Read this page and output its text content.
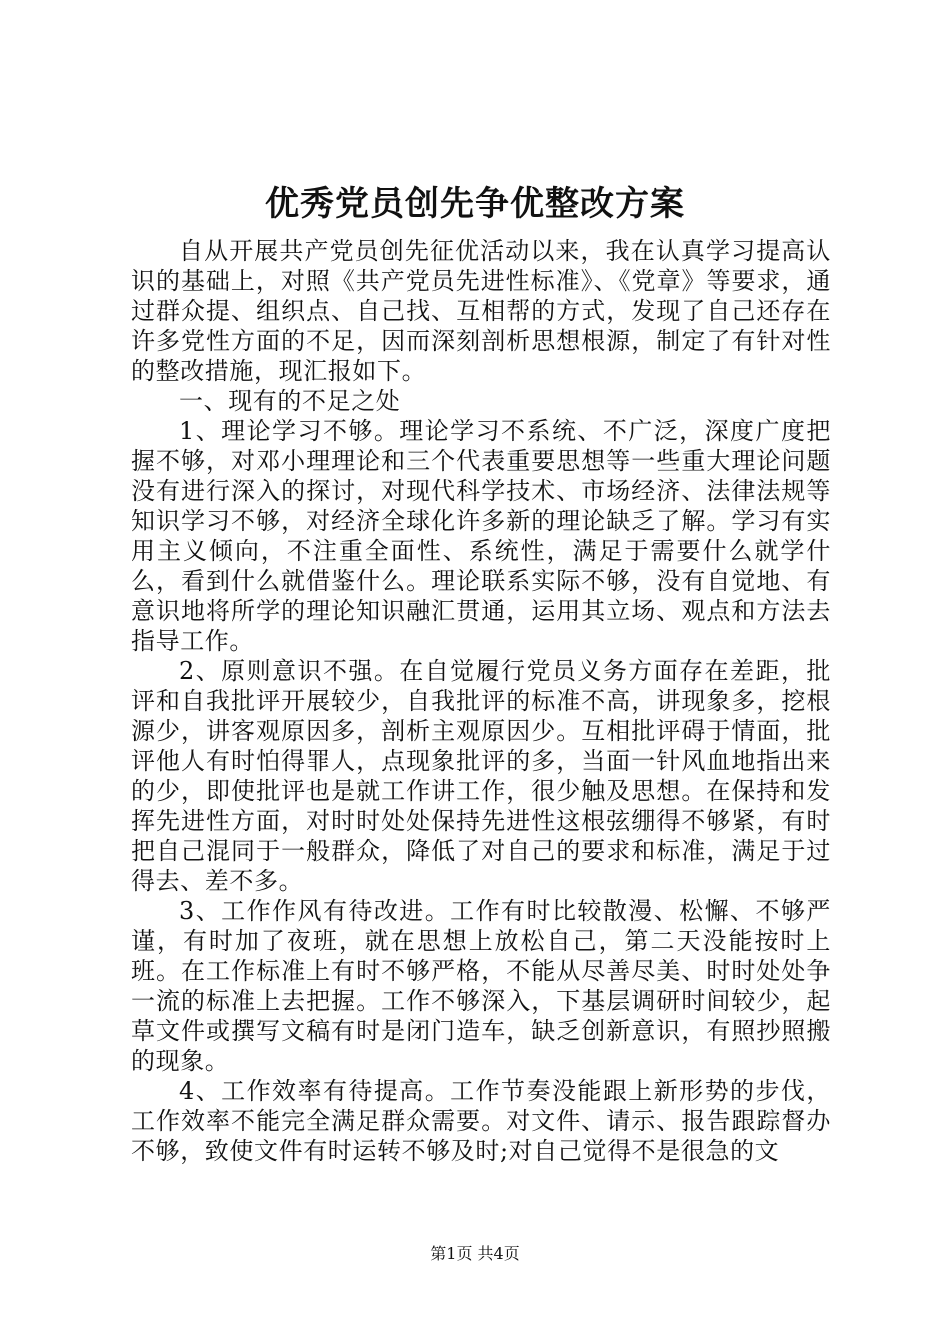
优秀党员创先争优整改方案

自从开展共产党员创先征优活动以来，我在认真学习提高认识的基础上，对照《共产党员先进性标准》、《党章》等要求，通过群众提、组织点、自己找、互相帮的方式，发现了自己还存在许多党性方面的不足，因而深刻剖析思想根源，制定了有针对性的整改措施，现汇报如下。

一、现有的不足之处

1、理论学习不够。理论学习不系统、不广泛，深度广度把握不够，对邓小理理论和三个代表重要思想等一些重大理论问题没有进行深入的探讨，对现代科学技术、市场经济、法律法规等知识学习不够，对经济全球化许多新的理论缺乏了解。学习有实用主义倾向，不注重全面性、系统性，满足于需要什么就学什么，看到什么就借鉴什么。理论联系实际不够，没有自觉地、有意识地将所学的理论知识融汇贯通，运用其立场、观点和方法去指导工作。

2、原则意识不强。在自觉履行党员义务方面存在差距，批评和自我批评开展较少，自我批评的标准不高，讲现象多，挖根源少，讲客观原因多，剖析主观原因少。互相批评碍于情面，批评他人有时怕得罪人，点现象批评的多，当面一针风血地指出来的少，即使批评也是就工作讲工作，很少触及思想。在保持和发挥先进性方面，对时时处处保持先进性这根弦绷得不够紧，有时把自己混同于一般群众，降低了对自己的要求和标准，满足于过得去、差不多。

3、工作作风有待改进。工作有时比较散漫、松懈、不够严谨，有时加了夜班，就在思想上放松自己，第二天没能按时上班。在工作标准上有时不够严格，不能从尽善尽美、时时处处争一流的标准上去把握。工作不够深入，下基层调研时间较少，起草文件或撰写文稿有时是闭门造车，缺乏创新意识，有照抄照搬的现象。

4、工作效率有待提高。工作节奏没能跟上新形势的步伐，工作效率不能完全满足群众需要。对文件、请示、报告跟踪督办不够，致使文件有时运转不够及时;对自己觉得不是很急的文

第1页 共4页
